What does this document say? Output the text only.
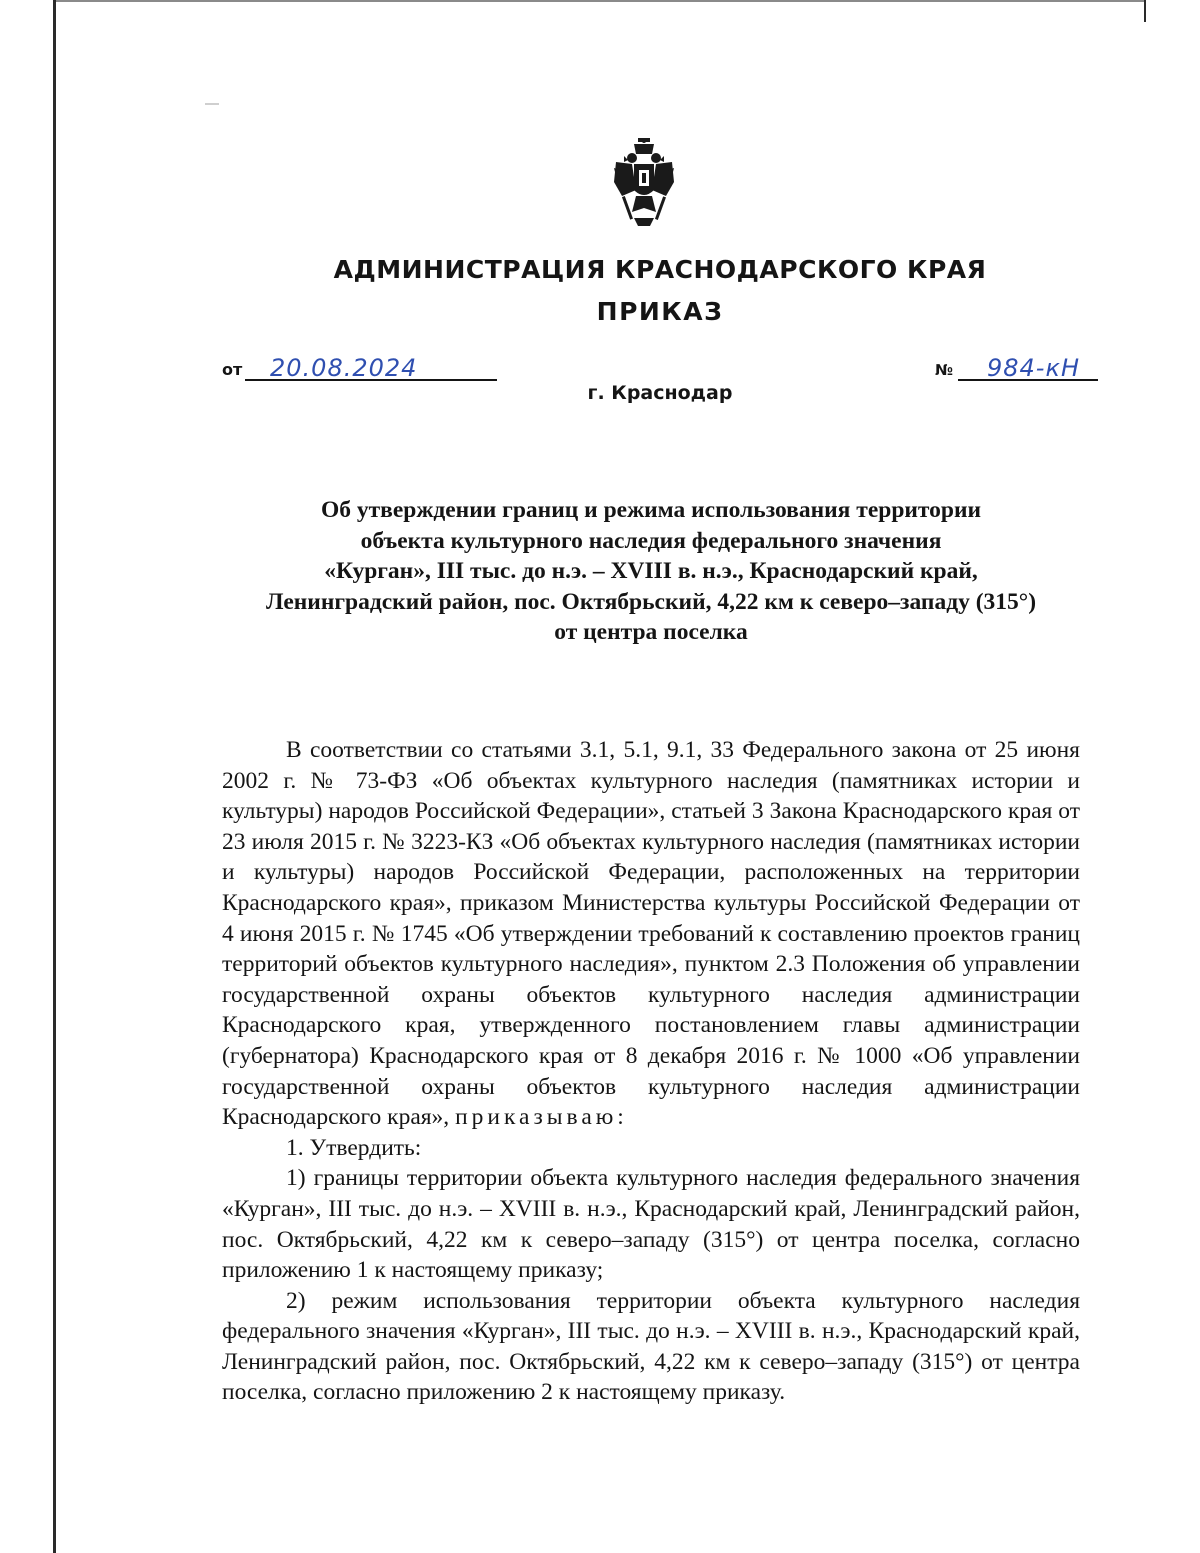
АДМИНИСТРАЦИЯ КРАСНОДАРСКОГО КРАЯ
ПРИКАЗ
от 20.08.2024	№ 984-кН
г. Краснодар
Об утверждении границ и режима использования территории
объекта культурного наследия федерального значения
«Курган», III тыс. до н.э. – XVIII в. н.э., Краснодарский край,
Ленинградский район, пос. Октябрьский, 4,22 км к северо–западу (315°)
от центра поселка

В соответствии со статьями 3.1, 5.1, 9.1, 33 Федерального закона от 25 июня 2002 г. № 73-ФЗ «Об объектах культурного наследия (памятниках истории и культуры) народов Российской Федерации», статьей 3 Закона Краснодарского края от 23 июля 2015 г. № 3223-КЗ «Об объектах культурного наследия (памятниках истории и культуры) народов Российской Федерации, расположенных на территории Краснодарского края», приказом Министерства культуры Российской Федерации от 4 июня 2015 г. № 1745 «Об утверждении требований к составлению проектов границ территорий объектов культурного наследия», пунктом 2.3 Положения об управлении государственной охраны объектов культурного наследия администрации Краснодарского края, утвержденного постановлением главы администрации (губернатора) Краснодарского края от 8 декабря 2016 г. № 1000 «Об управлении государственной охраны объектов культурного наследия администрации Краснодарского края», приказываю:

1. Утвердить:

1) границы территории объекта культурного наследия федерального значения «Курган», III тыс. до н.э. – XVIII в. н.э., Краснодарский край, Ленинградский район, пос. Октябрьский, 4,22 км к северо–западу (315°) от центра поселка, согласно приложению 1 к настоящему приказу;

2) режим использования территории объекта культурного наследия федерального значения «Курган», III тыс. до н.э. – XVIII в. н.э., Краснодарский край, Ленинградский район, пос. Октябрьский, 4,22 км к северо–западу (315°) от центра поселка, согласно приложению 2 к настоящему приказу.
